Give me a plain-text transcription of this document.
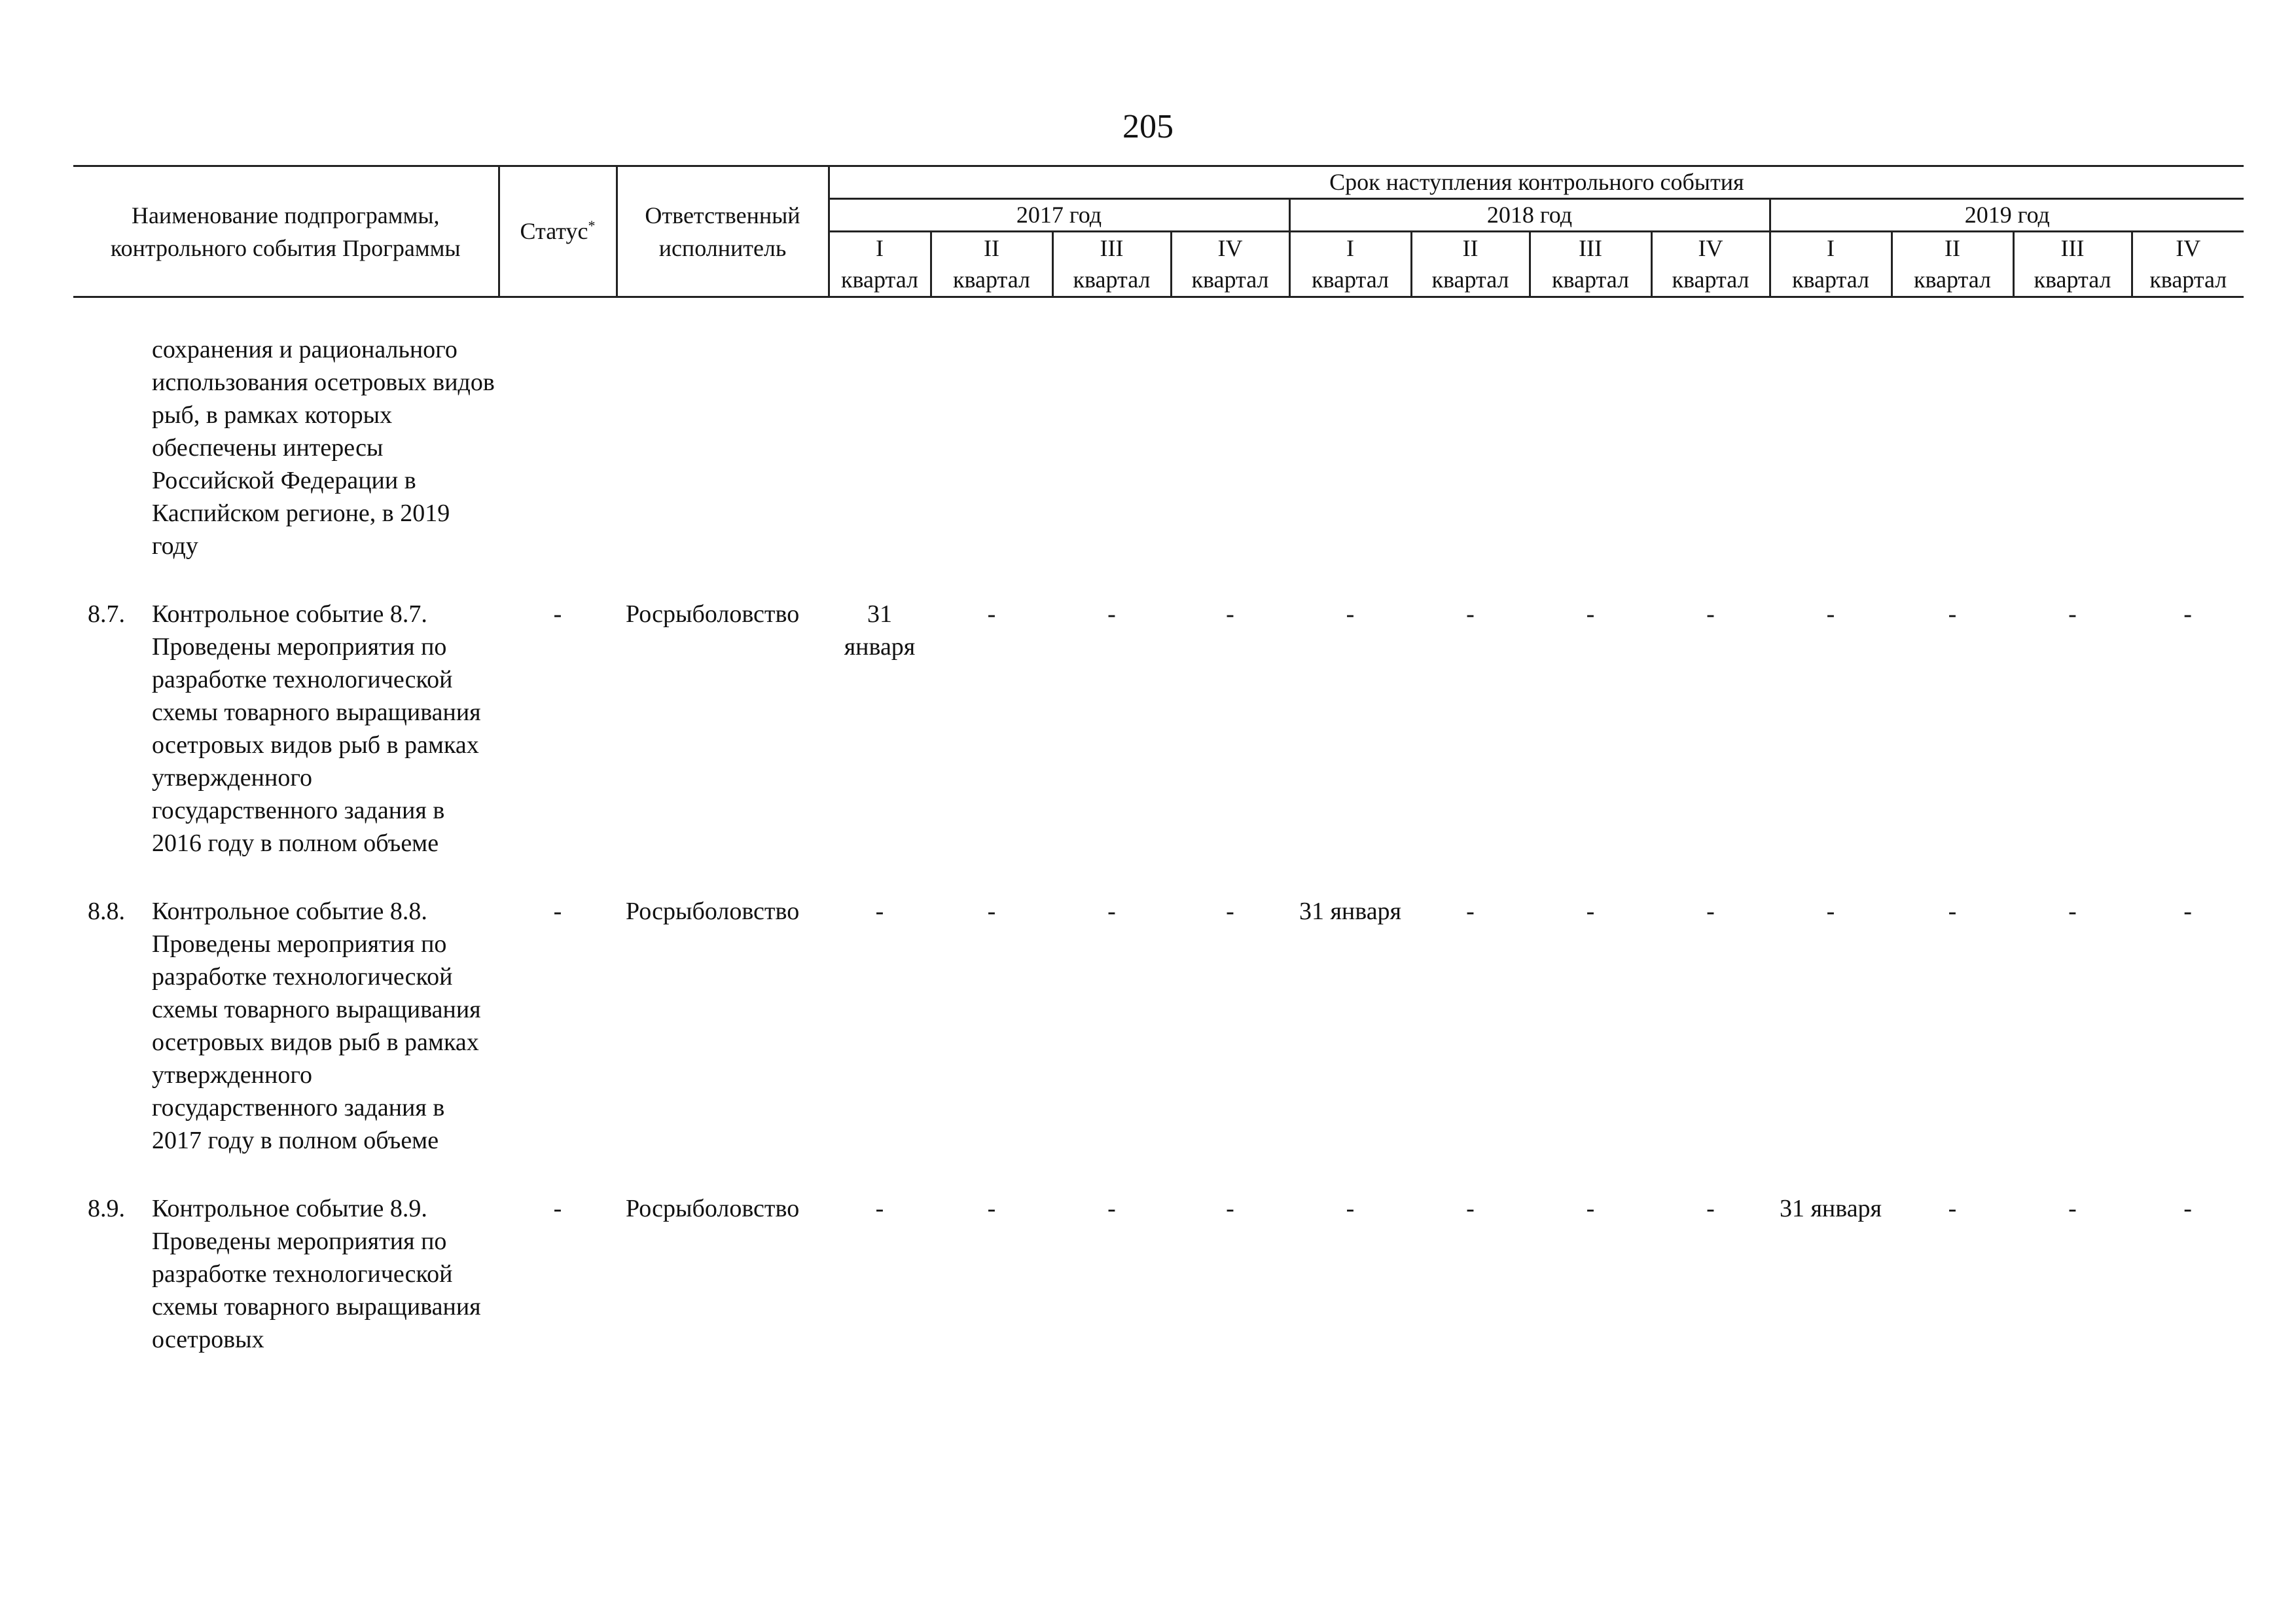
205
Наименование подпрограммы, контрольного события Программы	Статус*	Ответственный исполнитель	Срок наступления контрольного события											
			2017 год				2018 год				2019 год			
			I	II	III	IV	I	II	III	IV	I	II	III	IV
			квартал	квартал	квартал	квартал	квартал	квартал	квартал	квартал	квартал	квартал	квартал	квартал

сохранения и рационального использования осетровых видов рыб, в рамках которых обеспечены интересы Российской Федерации в Каспийском регионе, в 2019 году														

8.7. Контрольное событие 8.7. Проведены мероприятия по разработке технологической схемы товарного выращивания осетровых видов рыб в рамках утвержденного государственного задания в 2016 году в полном объеме	-	Росрыболовство	31 января	-	-	-	-	-	-	-	-	-	-	-

8.8. Контрольное событие 8.8. Проведены мероприятия по разработке технологической схемы товарного выращивания осетровых видов рыб в рамках утвержденного государственного задания в 2017 году в полном объеме	-	Росрыболовство	-	-	-	-	31 января	-	-	-	-	-	-	-

8.9. Контрольное событие 8.9. Проведены мероприятия по разработке технологической схемы товарного выращивания осетровых	-	Росрыболовство	-	-	-	-	-	-	-	-	31 января	-	-	-
